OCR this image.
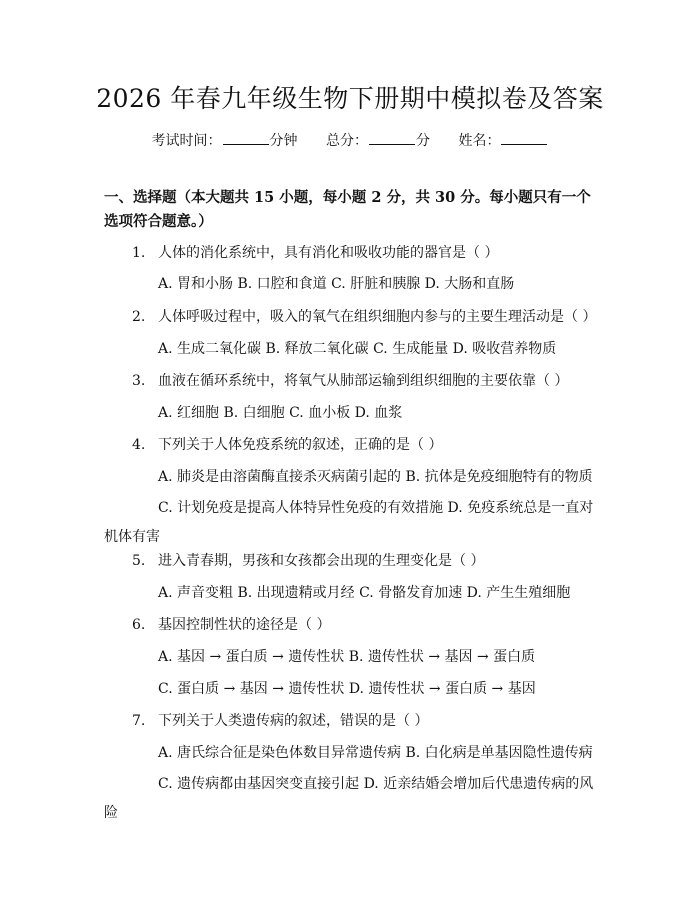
2026 年春九年级生物下册期中模拟卷及答案
考试时间：	分钟 总分：	分 姓名：
一、选择题（本大题共 15 小题，每小题 2 分，共 30 分。每小题只有一个选项符合题意。）
1. 人体的消化系统中，具有消化和吸收功能的器官是（ ）
A. 胃和小肠 B. 口腔和食道 C. 肝脏和胰腺 D. 大肠和直肠
2. 人体呼吸过程中，吸入的氧气在组织细胞内参与的主要生理活动是（ ）
A. 生成二氧化碳 B. 释放二氧化碳 C. 生成能量 D. 吸收营养物质
3. 血液在循环系统中，将氧气从肺部运输到组织细胞的主要依靠（ ）
A. 红细胞 B. 白细胞 C. 血小板 D. 血浆
4. 下列关于人体免疫系统的叙述，正确的是（ ）
A. 肺炎是由溶菌酶直接杀灭病菌引起的 B. 抗体是免疫细胞特有的物质
C. 计划免疫是提高人体特异性免疫的有效措施 D. 免疫系统总是一直对机体有害
5. 进入青春期，男孩和女孩都会出现的生理变化是（ ）
A. 声音变粗 B. 出现遗精或月经 C. 骨骼发育加速 D. 产生生殖细胞
6. 基因控制性状的途径是（ ）
A. 基因 → 蛋白质 → 遗传性状 B. 遗传性状 → 基因 → 蛋白质
C. 蛋白质 → 基因 → 遗传性状 D. 遗传性状 → 蛋白质 → 基因
7. 下列关于人类遗传病的叙述，错误的是（ ）
A. 唐氏综合征是染色体数目异常遗传病 B. 白化病是单基因隐性遗传病
C. 遗传病都由基因突变直接引起 D. 近亲结婚会增加后代患遗传病的风险
